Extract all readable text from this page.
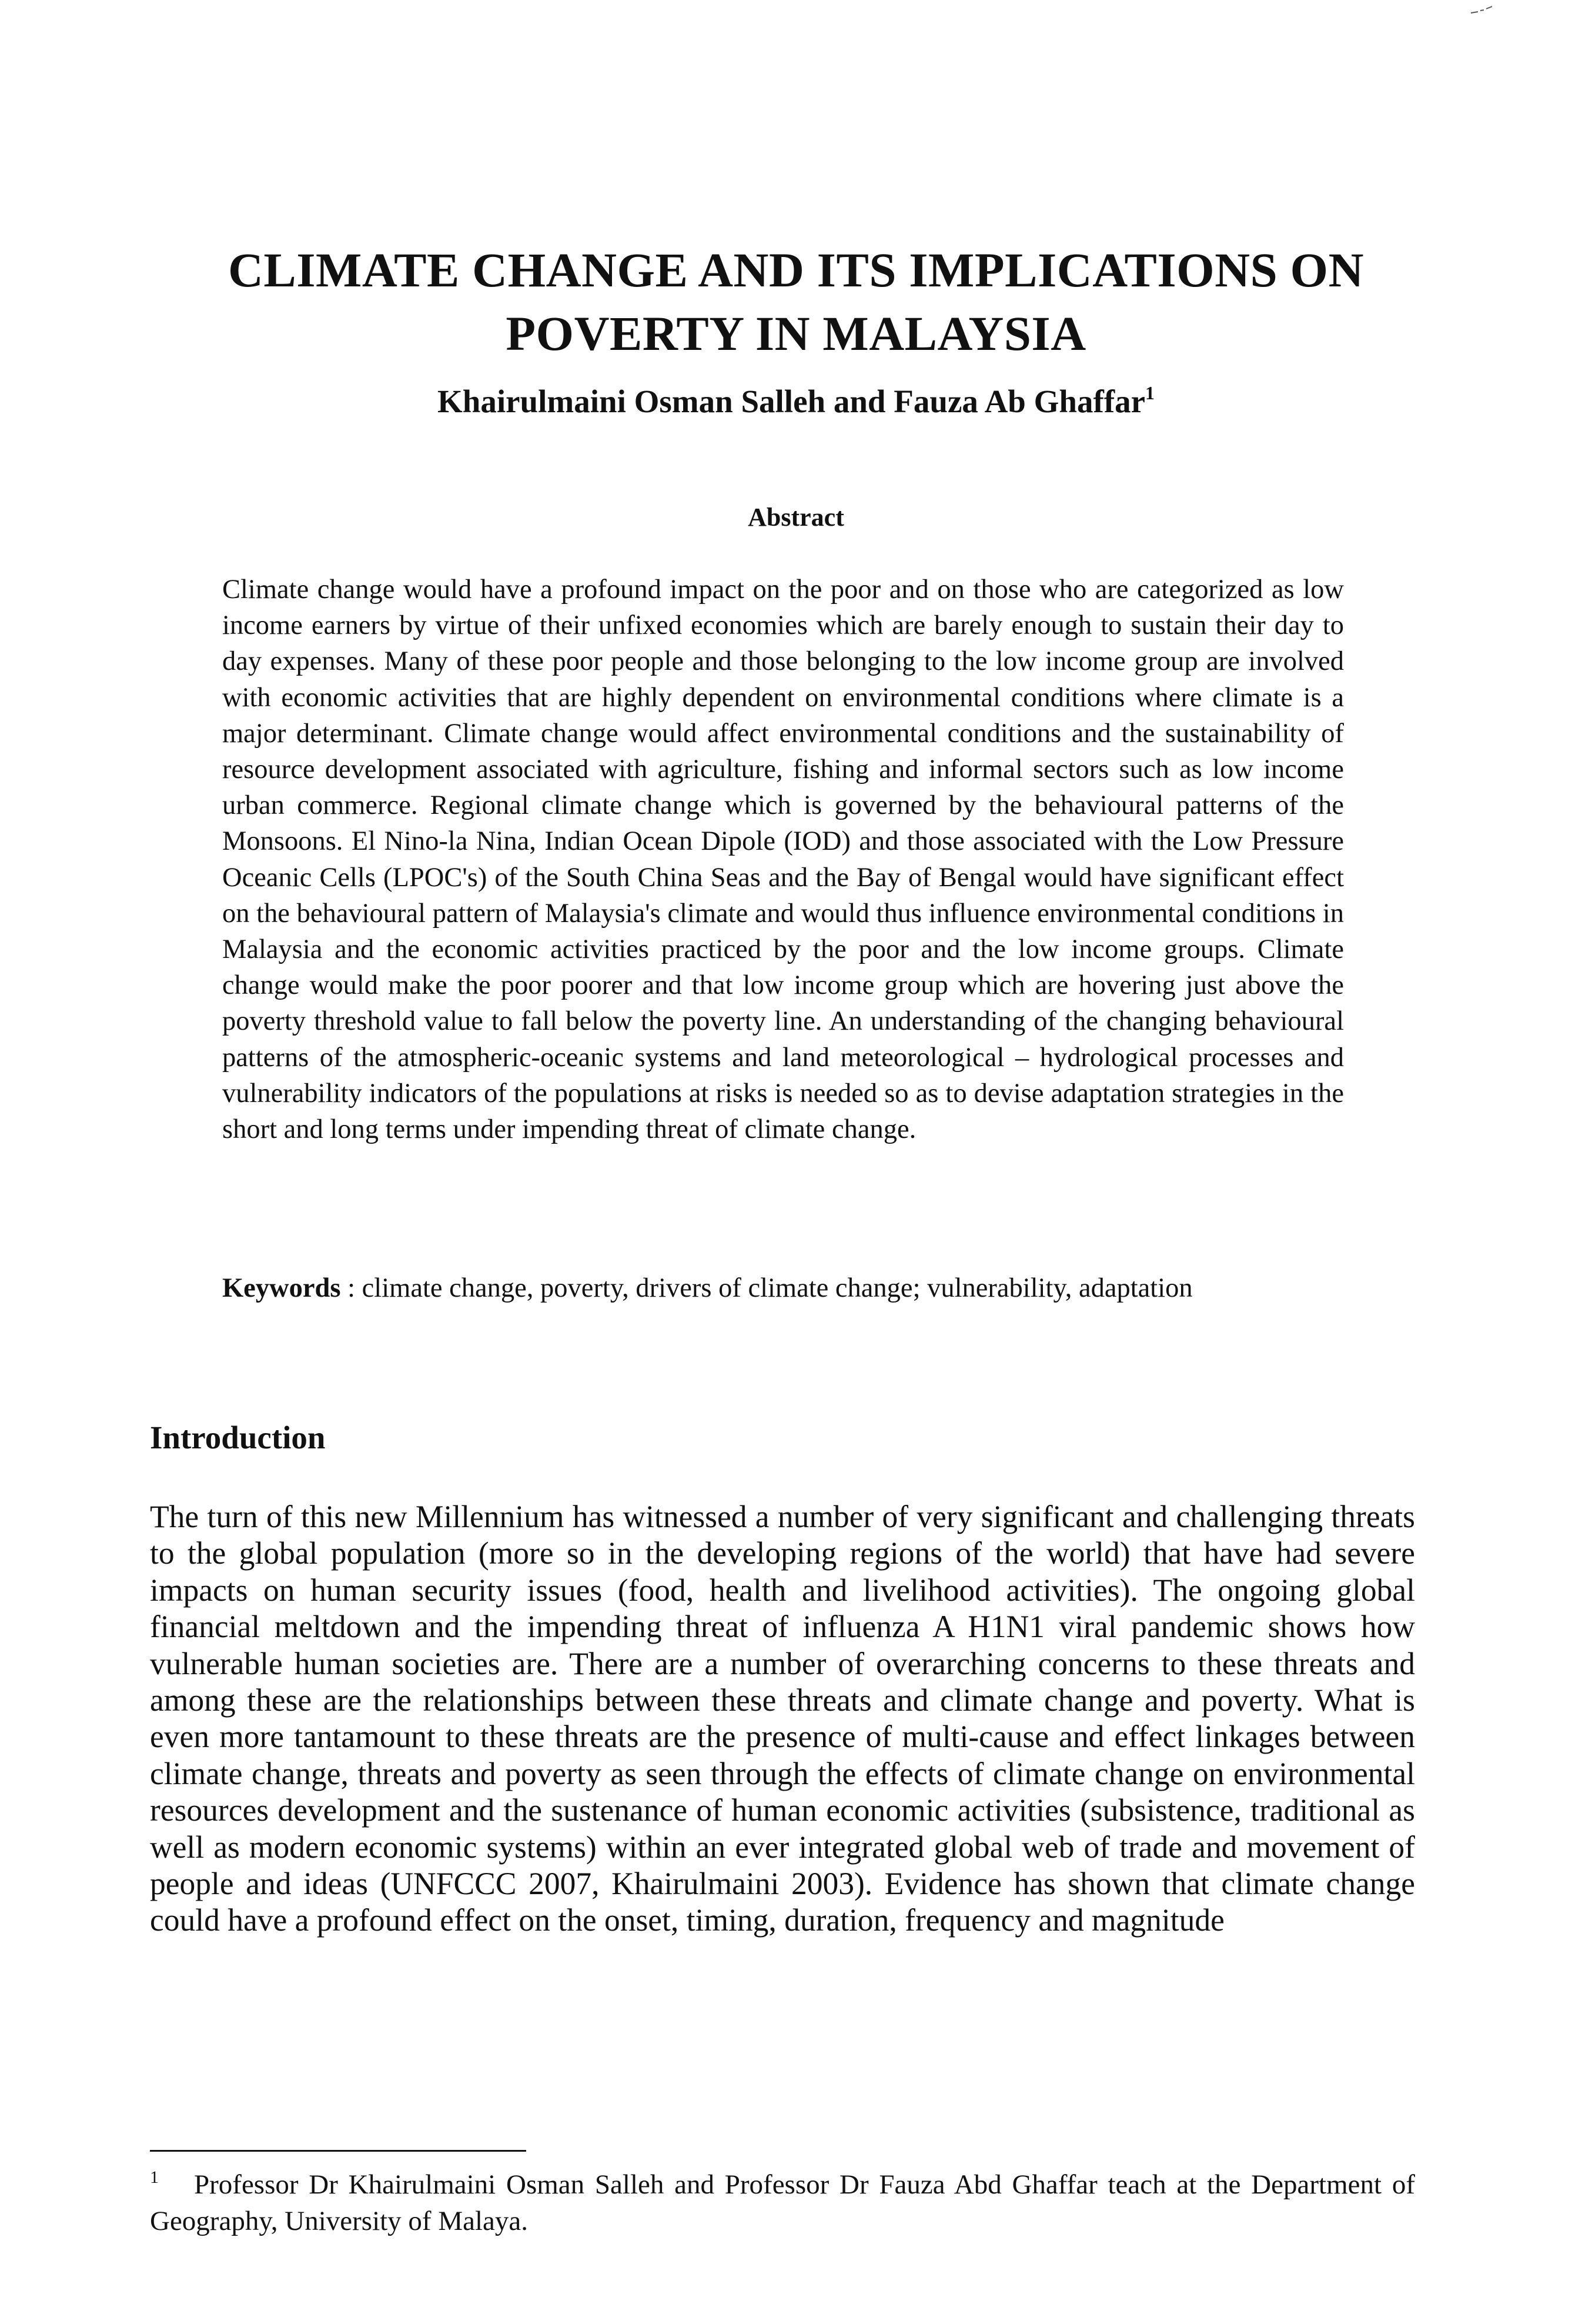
CLIMATE CHANGE AND ITS IMPLICATIONS ON POVERTY IN MALAYSIA
Khairulmaini Osman Salleh and Fauza Ab Ghaffar$^1$
Abstract

Climate change would have a profound impact on the poor and on those who are categorized as low income earners by virtue of their unfixed economies which are barely enough to sustain their day to day expenses. Many of these poor people and those belonging to the low income group are involved with economic activities that are highly dependent on environmental conditions where climate is a major determinant. Climate change would affect environmental conditions and the sustainability of resource development associated with agriculture, fishing and informal sectors such as low income urban commerce. Regional climate change which is governed by the behavioural patterns of the Monsoons. El Nino-la Nina, Indian Ocean Dipole (IOD) and those associated with the Low Pressure Oceanic Cells (LPOC's) of the South China Seas and the Bay of Bengal would have significant effect on the behavioural pattern of Malaysia's climate and would thus influence environmental conditions in Malaysia and the economic activities practiced by the poor and the low income groups. Climate change would make the poor poorer and that low income group which are hovering just above the poverty threshold value to fall below the poverty line. An understanding of the changing behavioural patterns of the atmospheric-oceanic systems and land meteorological – hydrological processes and vulnerability indicators of the populations at risks is needed so as to devise adaptation strategies in the short and long terms under impending threat of climate change.

Keywords : climate change, poverty, drivers of climate change; vulnerability, adaptation

Introduction

The turn of this new Millennium has witnessed a number of very significant and challenging threats to the global population (more so in the developing regions of the world) that have had severe impacts on human security issues (food, health and livelihood activities). The ongoing global financial meltdown and the impending threat of influenza A H1N1 viral pandemic shows how vulnerable human societies are. There are a number of overarching concerns to these threats and among these are the relationships between these threats and climate change and poverty. What is even more tantamount to these threats are the presence of multi-cause and effect linkages between climate change, threats and poverty as seen through the effects of climate change on environmental resources development and the sustenance of human economic activities (subsistence, traditional as well as modern economic systems) within an ever integrated global web of trade and movement of people and ideas (UNFCCC 2007, Khairulmaini 2003). Evidence has shown that climate change could have a profound effect on the onset, timing, duration, frequency and magnitude

$^1$ Professor Dr Khairulmaini Osman Salleh and Professor Dr Fauza Abd Ghaffar teach at the Department of Geography, University of Malaya.
